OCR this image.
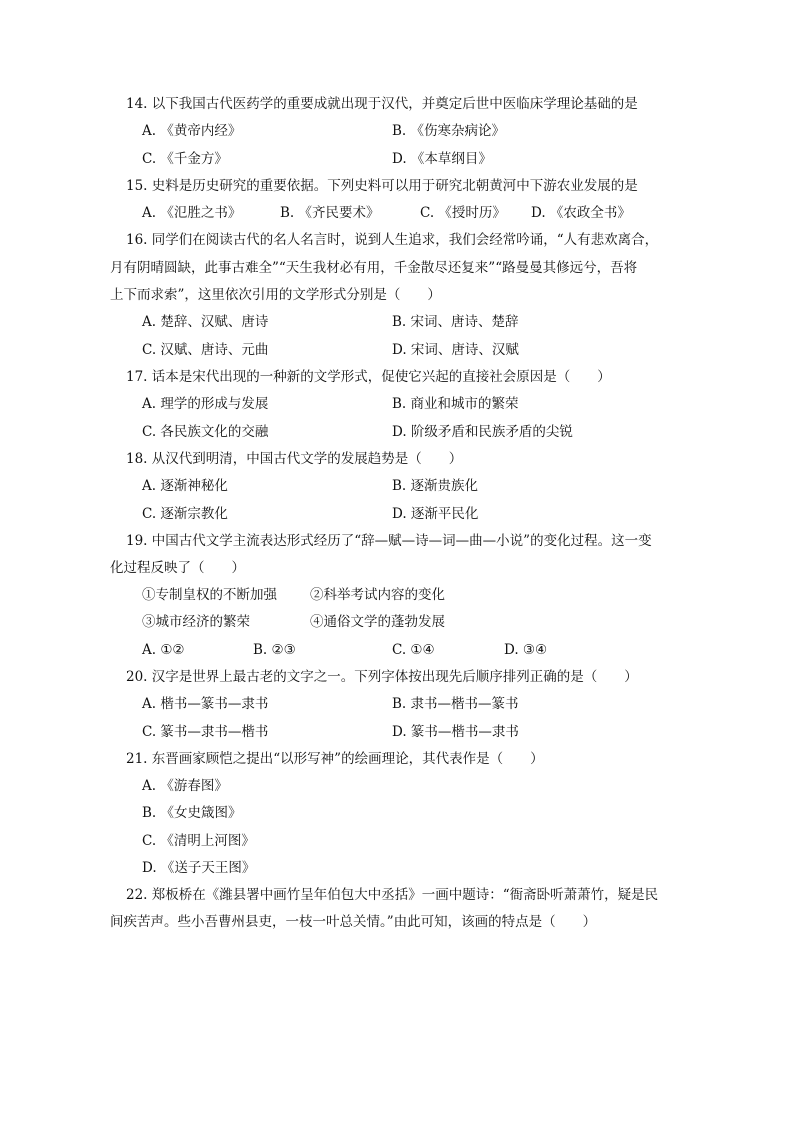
14. 以下我国古代医药学的重要成就出现于汉代，并奠定后世中医临床学理论基础的是
A. 《黄帝内经》	B. 《伤寒杂病论》
C. 《千金方》	D. 《本草纲目》
15. 史料是历史研究的重要依据。下列史料可以用于研究北朝黄河中下游农业发展的是
A. 《氾胜之书》	B. 《齐民要术》	C. 《授时历》 D. 《农政全书》
16. 同学们在阅读古代的名人名言时，说到人生追求，我们会经常吟诵，“人有悲欢离合，
月有阴晴圆缺，此事古难全”“天生我材必有用，千金散尽还复来”“路曼曼其修远兮，吾将
上下而求索”，这里依次引用的文学形式分别是（　　）
A. 楚辞、汉赋、唐诗	B. 宋词、唐诗、楚辞
C. 汉赋、唐诗、元曲	D. 宋词、唐诗、汉赋
17. 话本是宋代出现的一种新的文学形式，促使它兴起的直接社会原因是（　　）
A. 理学的形成与发展	B. 商业和城市的繁荣
C. 各民族文化的交融	D. 阶级矛盾和民族矛盾的尖锐
18. 从汉代到明清，中国古代文学的发展趋势是（　　）
A. 逐渐神秘化	B. 逐渐贵族化
C. 逐渐宗教化	D. 逐渐平民化
19. 中国古代文学主流表达形式经历了“辞—赋—诗—词—曲—小说”的变化过程。这一变
化过程反映了（　　）
①专制皇权的不断加强 ②科举考试内容的变化
③城市经济的繁荣	④通俗文学的蓬勃发展
A. ①②	B. ②③	C. ①④	D. ③④
20. 汉字是世界上最古老的文字之一。下列字体按出现先后顺序排列正确的是（　　）
A. 楷书—篆书—隶书	B. 隶书—楷书—篆书
C. 篆书—隶书—楷书	D. 篆书—楷书—隶书
21. 东晋画家顾恺之提出“以形写神”的绘画理论，其代表作是（　　）
A. 《游春图》
B. 《女史箴图》
C. 《清明上河图》
D. 《送子天王图》
22. 郑板桥在《潍县署中画竹呈年伯包大中丞括》一画中题诗：“衙斋卧听萧萧竹，疑是民
间疾苦声。些小吾曹州县吏，一枝一叶总关情。”由此可知，该画的特点是（　　）
